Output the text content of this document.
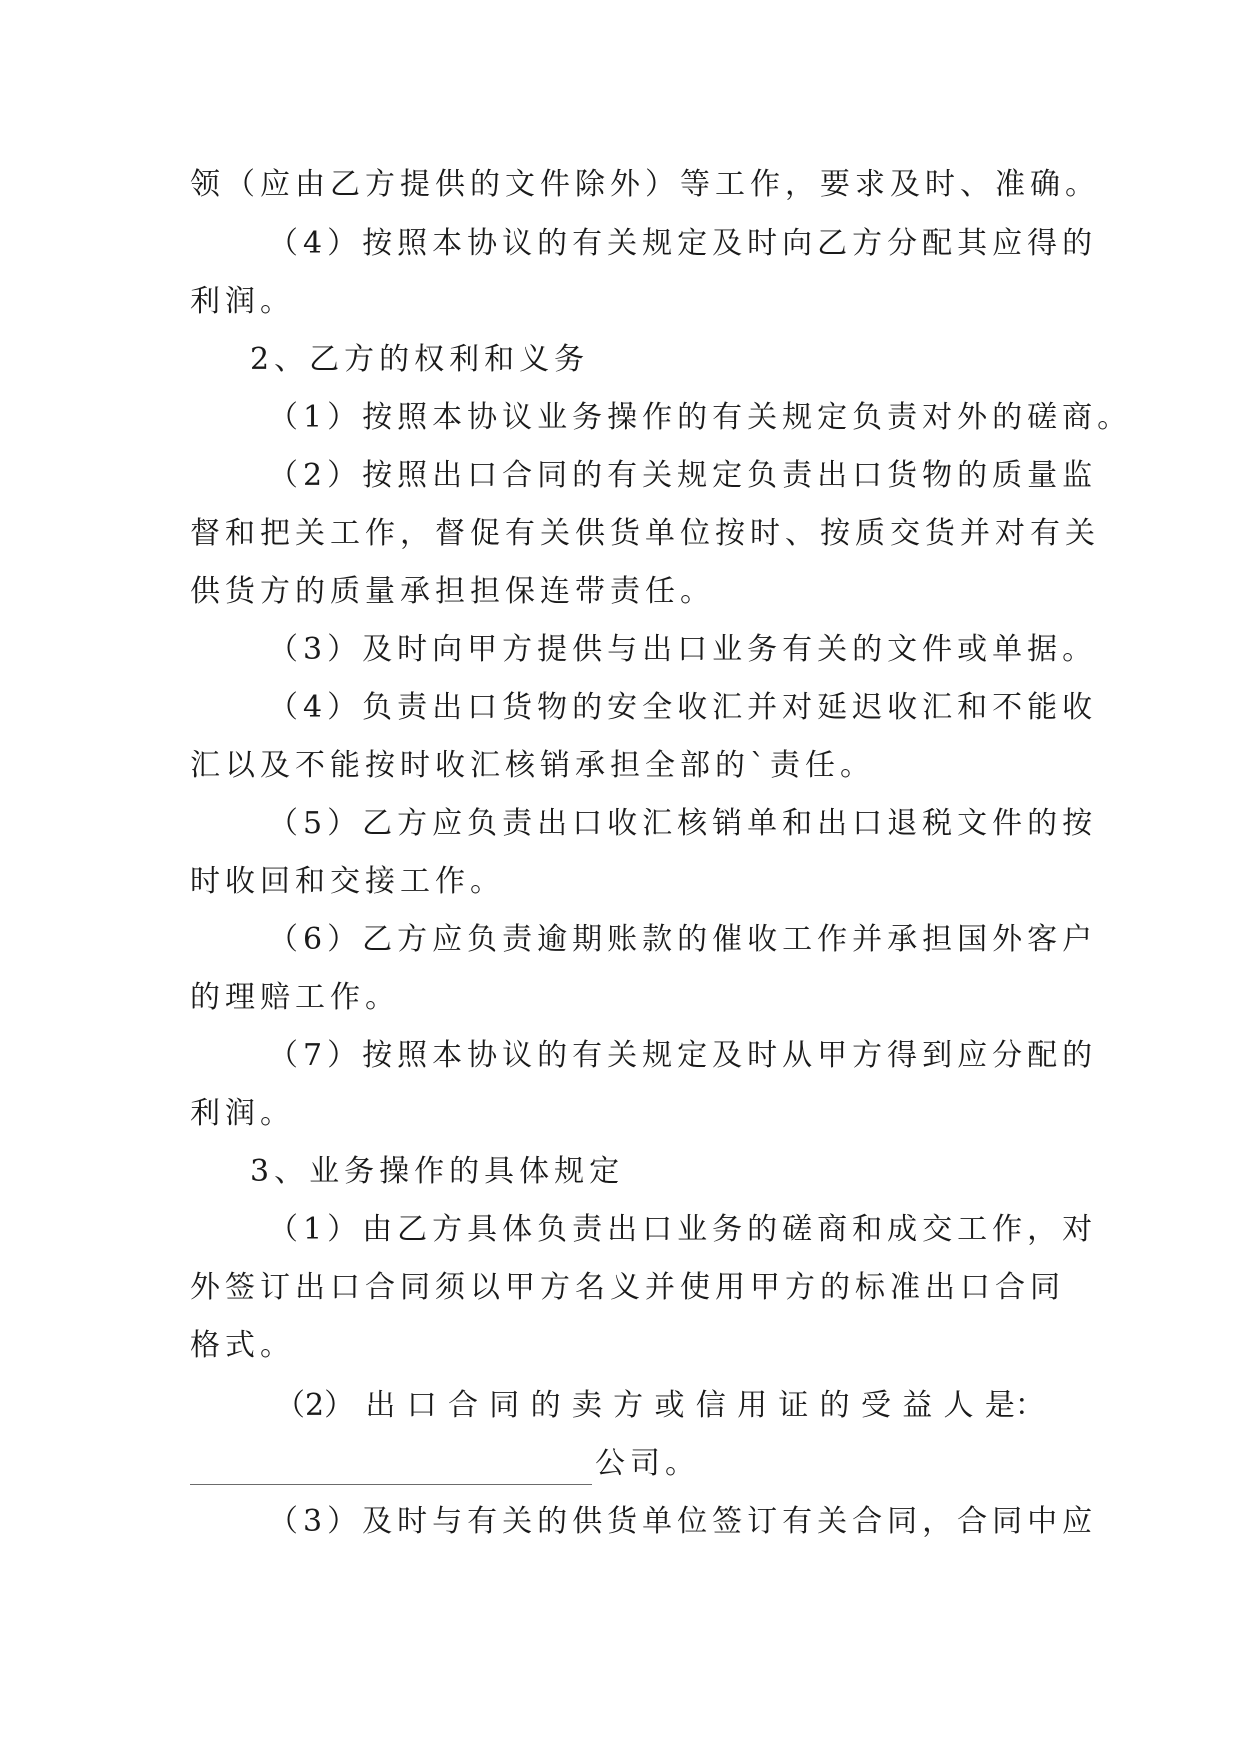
领（应由乙方提供的文件除外）等工作，要求及时、准确。
（4）按照本协议的有关规定及时向乙方分配其应得的
利润。
2、乙方的权利和义务
（1）按照本协议业务操作的有关规定负责对外的磋商。
（2）按照出口合同的有关规定负责出口货物的质量监
督和把关工作，督促有关供货单位按时、按质交货并对有关
供货方的质量承担担保连带责任。
（3）及时向甲方提供与出口业务有关的文件或单据。
（4）负责出口货物的安全收汇并对延迟收汇和不能收
汇以及不能按时收汇核销承担全部的`责任。
（5）乙方应负责出口收汇核销单和出口退税文件的按
时收回和交接工作。
（6）乙方应负责逾期账款的催收工作并承担国外客户
的理赔工作。
（7）按照本协议的有关规定及时从甲方得到应分配的
利润。
3、业务操作的具体规定
（1）由乙方具体负责出口业务的磋商和成交工作，对
外签订出口合同须以甲方名义并使用甲方的标准出口合同
格式。
（2） 出 口 合 同 的 卖 方 或 信 用 证 的 受 益 人 是：
公司。
（3）及时与有关的供货单位签订有关合同，合同中应
